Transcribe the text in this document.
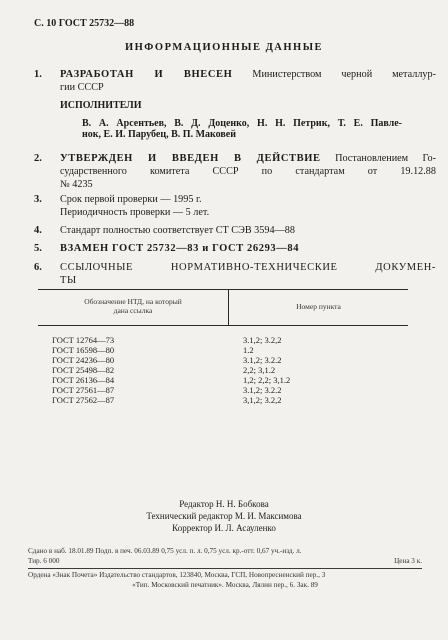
С. 10 ГОСТ 25732—88
ИНФОРМАЦИОННЫЕ ДАННЫЕ
1.	РАЗРАБОТАН И ВНЕСЕН Министерством черной металлур-
гии СССР
ИСПОЛНИТЕЛИ
В. А. Арсентьев, В. Д. Доценко, Н. Н. Петрик, Т. Е. Павле-
нок, Е. И. Парубец, В. П. Маковей
2.	УТВЕРЖДЕН И ВВЕДЕН В ДЕЙСТВИЕ Постановлением Го-
сударственного комитета СССР по стандартам от 19.12.88
№ 4235
3.	Срок первой проверки — 1995 г.
Периодичность проверки — 5 лет.
4.	Стандарт полностью соответствует СТ СЭВ 3594—88
5.	ВЗАМЕН ГОСТ 25732—83 и ГОСТ 26293—84
6.	ССЫЛОЧНЫЕ НОРМАТИВНО-ТЕХНИЧЕСКИЕ ДОКУМЕН-
ТЫ
Обозначение НТД, на который
дана ссылка	Номер пункта
ГОСТ 12764—73	3.1,2; 3.2,2
ГОСТ 16598—80	1.2
ГОСТ 24236—80	3.1,2; 3.2.2
ГОСТ 25498—82	2,2; 3,1.2
ГОСТ 26136—84	1,2; 2,2; 3,1.2
ГОСТ 27561—87	3.1,2; 3.2.2
ГОСТ 27562—87	3,1,2; 3.2,2
Редактор Н. Н. Бобкова
Технический редактор М. И. Максимова
Корректор И. Л. Асауленко
Сдано в наб. 18.01.89 Подп. в печ. 06.03.89 0,75 усл. п. л. 0,75 усл. кр.-отт. 0,67 уч.-изд. л.
Тир. 6 000	Цена 3 к.
Ордена «Знак Почета» Издательство стандартов, 123840, Москва, ГСП, Новопресненский пер., 3
«Тип. Московский печатник». Москва, Лялин пер., 6. Зак. 89
